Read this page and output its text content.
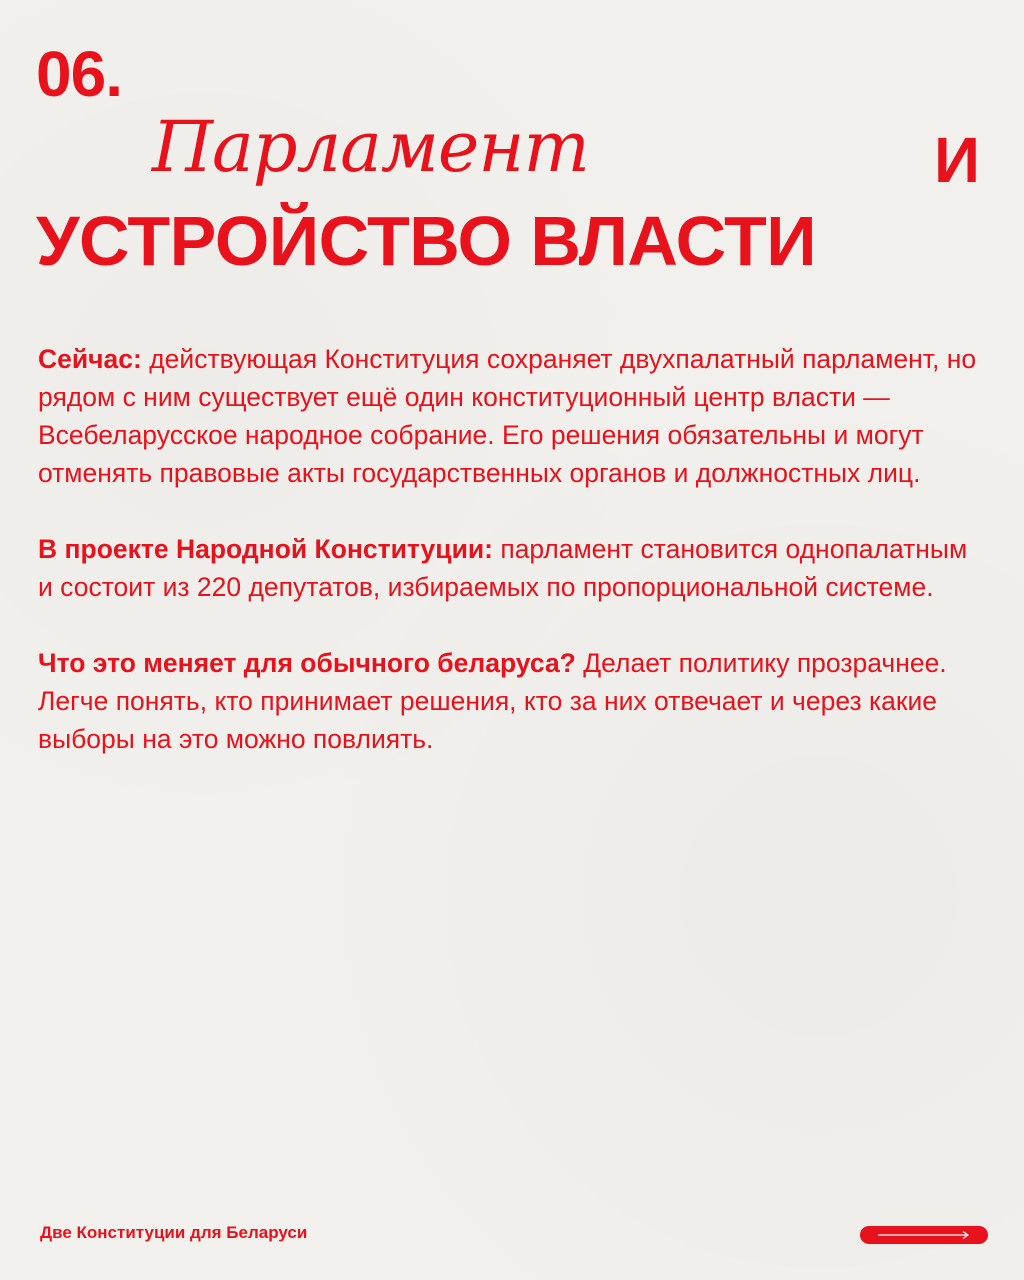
06.
Парламент	И
УСТРОЙСТВО ВЛАСТИ

Сейчас: действующая Конституция сохраняет двухпалатный парламент, но рядом с ним существует ещё один конституционный центр власти — Всебеларусское народное собрание. Его решения обязательны и могут отменять правовые акты государственных органов и должностных лиц.

В проекте Народной Конституции: парламент становится однопалатным и состоит из 220 депутатов, избираемых по пропорциональной системе.

Что это меняет для обычного беларуса? Делает политику прозрачнее. Легче понять, кто принимает решения, кто за них отвечает и через какие выборы на это можно повлиять.

Две Конституции для Беларуси
